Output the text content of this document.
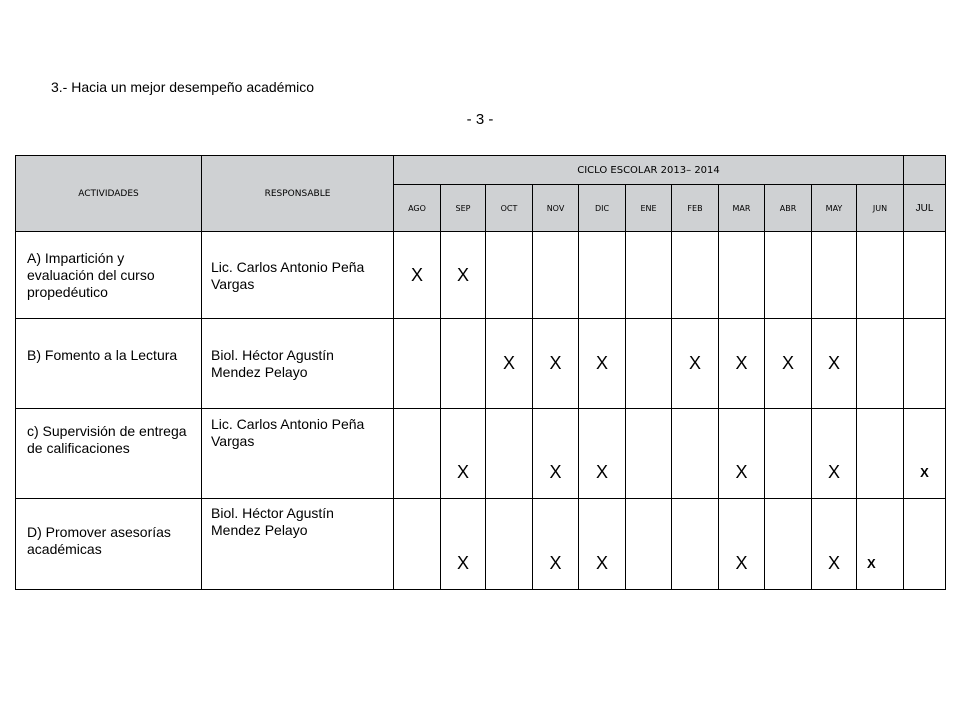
3.- Hacia un mejor desempeño académico
- 3 -
ACTIVIDADES	RESPONSABLE	CICLO ESCOLAR 2013– 2014											
		AGO	SEP	OCT	NOV	DIC	ENE	FEB	MAR	ABR	MAY	JUN	JUL

A) Impartición y evaluación del curso propedéutico	Lic. Carlos Antonio Peña Vargas	X	X										

B) Fomento a la Lectura	Biol. Héctor Agustín Mendez Pelayo			X	X	X		X	X	X	X		

c) Supervisión de entrega de calificaciones	Lic. Carlos Antonio Peña Vargas		X		X	X			X		X		X

D) Promover asesorías académicas	Biol. Héctor Agustín Mendez Pelayo		X		X	X			X		X	X	
